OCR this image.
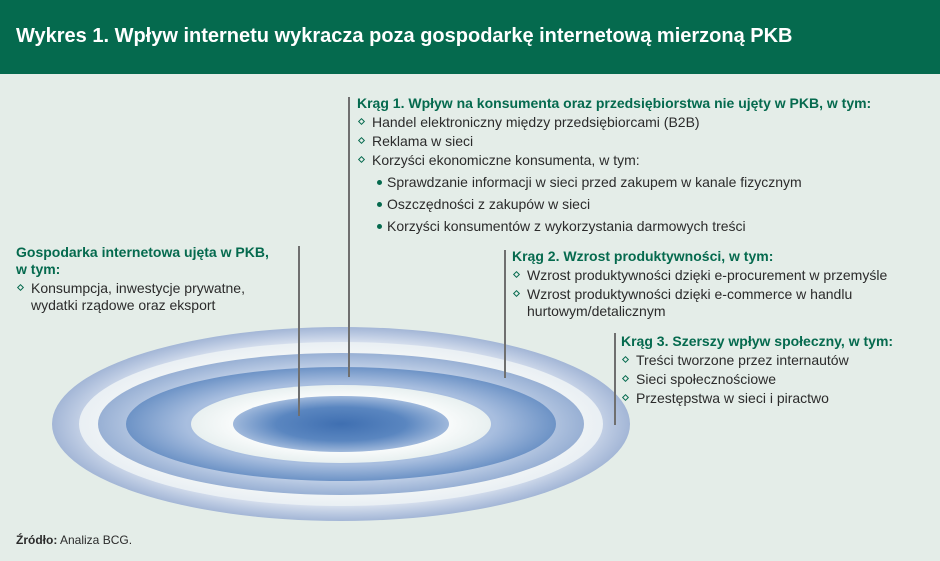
Wykres 1. Wpływ internetu wykracza poza gospodarkę internetową mierzoną PKB
Gospodarka internetowa ujęta w PKB,
w tym:
Konsumpcja, inwestycje prywatne,
wydatki rządowe oraz eksport
Krąg 1. Wpływ na konsumenta oraz przedsiębiorstwa nie ujęty w PKB, w tym:
Handel elektroniczny między przedsiębiorcami (B2B)
Reklama w sieci
Korzyści ekonomiczne konsumenta, w tym:
Sprawdzanie informacji w sieci przed zakupem w kanale fizycznym
Oszczędności z zakupów w sieci
Korzyści konsumentów z wykorzystania darmowych treści
Krąg 2. Wzrost produktywności, w tym:
Wzrost produktywności dzięki e-procurement w przemyśle
Wzrost produktywności dzięki e-commerce w handlu
hurtowym/detalicznym
Krąg 3. Szerszy wpływ społeczny, w tym:
Treści tworzone przez internautów
Sieci społecznościowe
Przestępstwa w sieci i piractwo
Źródło: Analiza BCG.
